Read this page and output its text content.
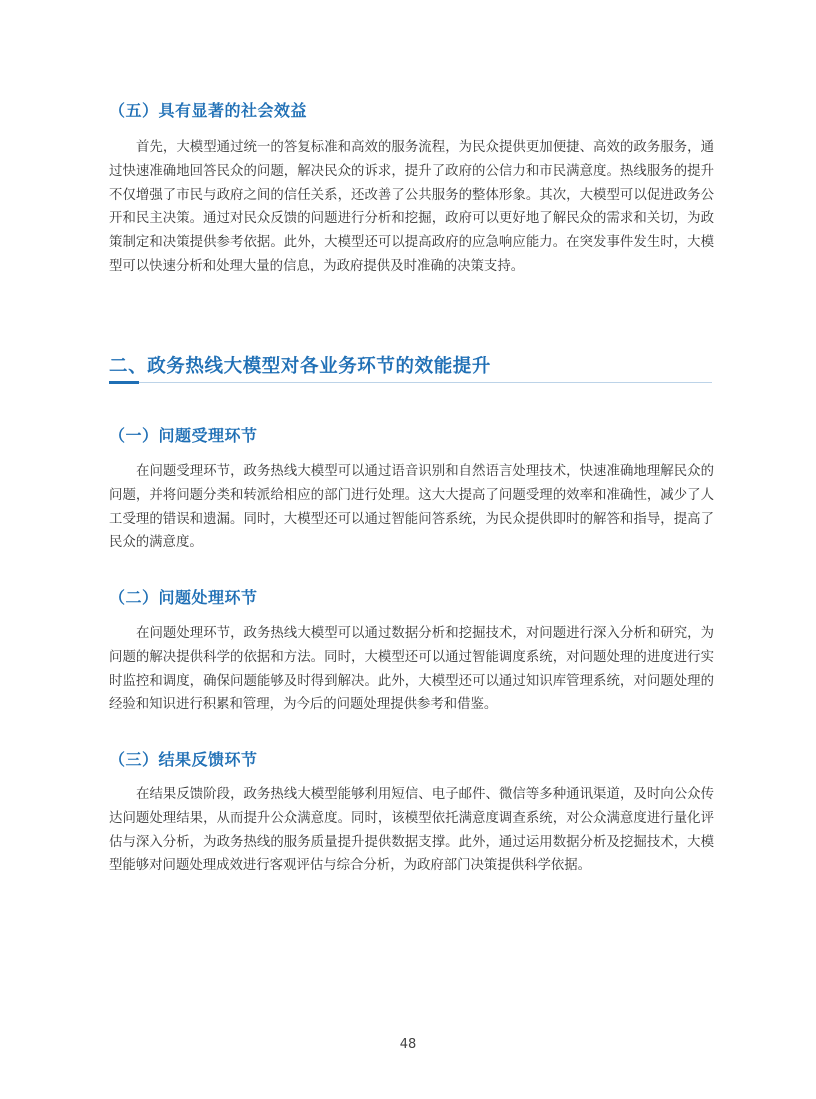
（五）具有显著的社会效益

首先，大模型通过统一的答复标准和高效的服务流程，为民众提供更加便捷、高效的政务服务，通过快速准确地回答民众的问题，解决民众的诉求，提升了政府的公信力和市民满意度。热线服务的提升不仅增强了市民与政府之间的信任关系，还改善了公共服务的整体形象。其次，大模型可以促进政务公开和民主决策。通过对民众反馈的问题进行分析和挖掘，政府可以更好地了解民众的需求和关切，为政策制定和决策提供参考依据。此外，大模型还可以提高政府的应急响应能力。在突发事件发生时，大模型可以快速分析和处理大量的信息，为政府提供及时准确的决策支持。

二、政务热线大模型对各业务环节的效能提升
（一）问题受理环节

在问题受理环节，政务热线大模型可以通过语音识别和自然语言处理技术，快速准确地理解民众的问题，并将问题分类和转派给相应的部门进行处理。这大大提高了问题受理的效率和准确性，减少了人工受理的错误和遗漏。同时，大模型还可以通过智能问答系统，为民众提供即时的解答和指导，提高了民众的满意度。

（二）问题处理环节

在问题处理环节，政务热线大模型可以通过数据分析和挖掘技术，对问题进行深入分析和研究，为问题的解决提供科学的依据和方法。同时，大模型还可以通过智能调度系统，对问题处理的进度进行实时监控和调度，确保问题能够及时得到解决。此外，大模型还可以通过知识库管理系统，对问题处理的经验和知识进行积累和管理，为今后的问题处理提供参考和借鉴。

（三）结果反馈环节

在结果反馈阶段，政务热线大模型能够利用短信、电子邮件、微信等多种通讯渠道，及时向公众传达问题处理结果，从而提升公众满意度。同时，该模型依托满意度调查系统，对公众满意度进行量化评估与深入分析，为政务热线的服务质量提升提供数据支撑。此外，通过运用数据分析及挖掘技术，大模型能够对问题处理成效进行客观评估与综合分析，为政府部门决策提供科学依据。

48
